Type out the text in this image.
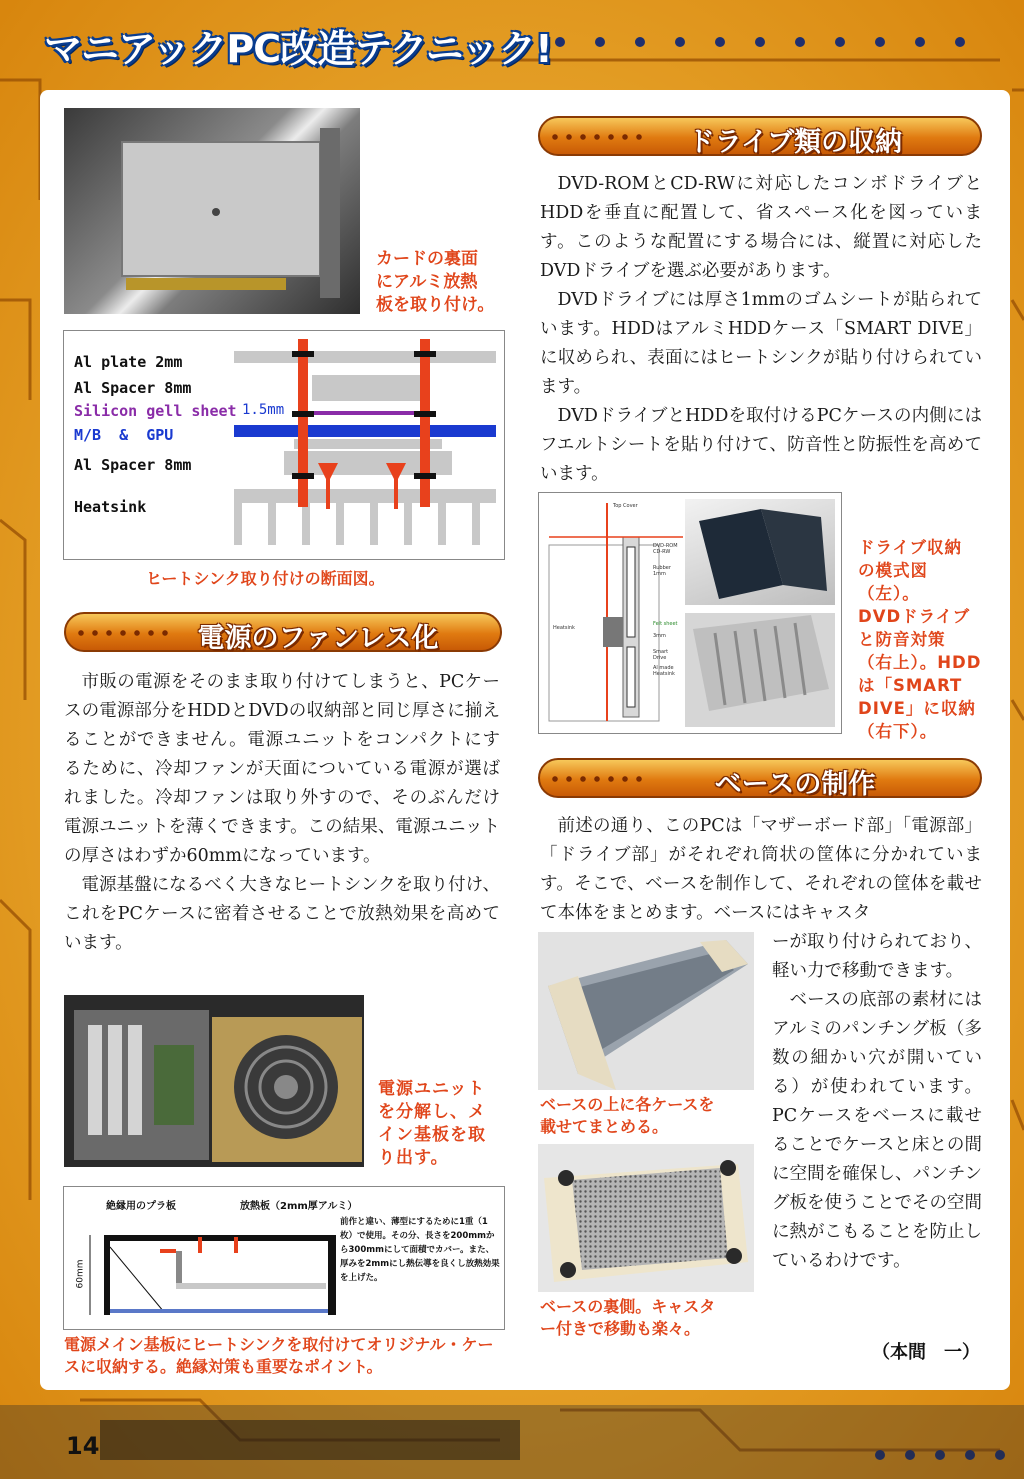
マニアックPC改造テクニック!
カードの裏面
にアルミ放熱
板を取り付け。
Al plate 2mm
Al Spacer 8mm
Silicon gell sheet 1.5mm
M/B  &  GPU
Al Spacer 8mm
Heatsink
ヒートシンク取り付けの断面図。
電源のファンレス化

市販の電源をそのまま取り付けてしまうと、PCケースの電源部分をHDDとDVDの収納部と同じ厚さに揃えることができません。電源ユニットをコンパクトにするために、冷却ファンが天面についている電源が選ばれました。冷却ファンは取り外すので、そのぶんだけ電源ユニットを薄くできます。この結果、電源ユニットの厚さはわずか60mmになっています。

電源基盤になるべく大きなヒートシンクを取り付け、これをPCケースに密着させることで放熱効果を高めています。

電源ユニット
を分解し、メ
イン基板を取
り出す。
絶縁用のプラ板	放熱板（2mm厚アルミ）
前作と違い、薄型にするために1重（1枚）で使用。その分、長さを200mmから300mmにして面積でカバー。また、厚みを2mmにし熱伝導を良くし放熱効果を上げた。
60mm
電源メイン基板にヒートシンクを取付けてオリジナル・ケースに収納する。絶縁対策も重要なポイント。
ドライブ類の収納

DVD-ROMとCD-RWに対応したコンボドライブとHDDを垂直に配置して、省スペース化を図っています。このような配置にする場合には、縦置に対応したDVDドライブを選ぶ必要があります。

DVDドライブには厚さ1mmのゴムシートが貼られています。HDDはアルミHDDケース「SMART DIVE」に収められ、表面にはヒートシンクが貼り付けられています。

DVDドライブとHDDを取付けるPCケースの内側にはフエルトシートを貼り付けて、防音性と防振性を高めています。

Top Cover
DVD-ROM
CD-RW
Rubber
1mm
Felt sheet
3mm
Smart
Drive
Al made
Heatsink
Heatsink
ドライブ収納
の模式図（左）。
DVDドライブ
と防音対策
（右上）。HDD
は「SMART
DIVE」に収納
（右下）。
ベースの制作

前述の通り、このPCは「マザーボード部」「電源部」「ドライブ部」がそれぞれ筒状の筐体に分かれています。そこで、ベースを制作して、それぞれの筐体を載せて本体をまとめます。ベースにはキャスタ

ベースの上に各ケースを
載せてまとめる。
ベースの裏側。キャスタ
ー付きで移動も楽々。

ーが取り付けられており、軽い力で移動できます。

ベースの底部の素材にはアルミのパンチング板（多数の細かい穴が開いている）が使われています。PCケースをベースに載せることでケースと床との間に空間を確保し、パンチング板を使うことでその空間に熱がこもることを防止しているわけです。

（本間　一）
14
